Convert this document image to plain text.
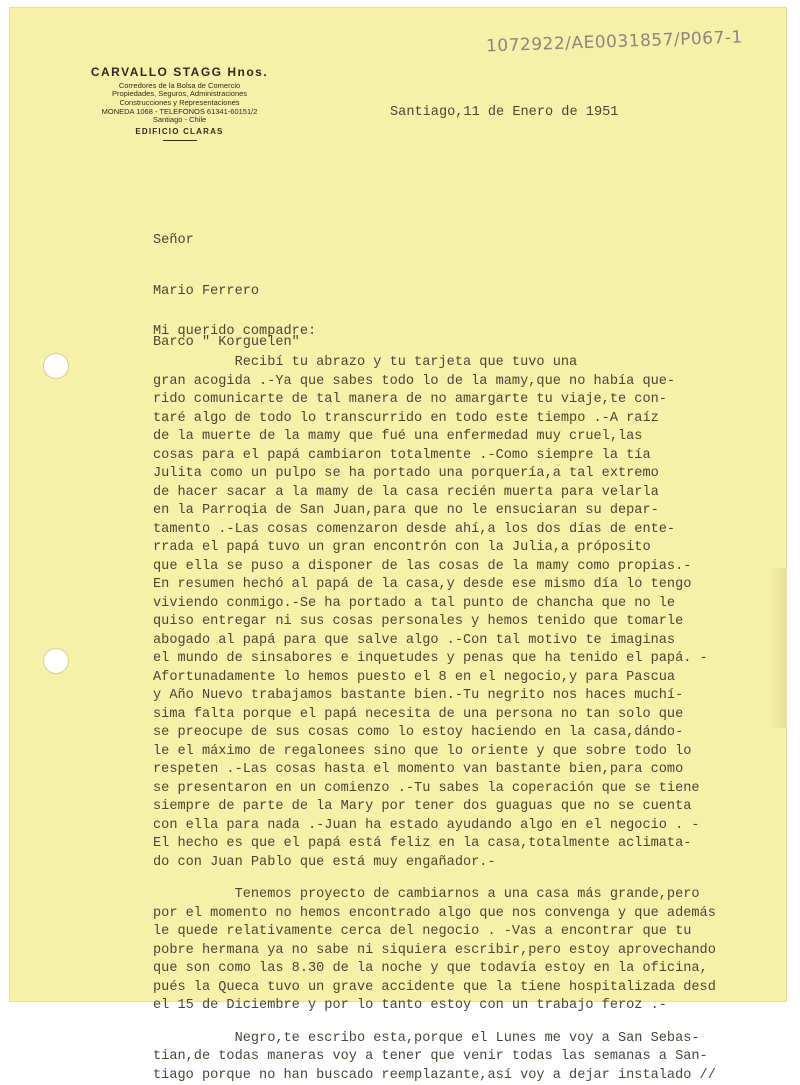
1072922/AE0031857/P067-1
CARVALLO STAGG Hnos.
Corredores de la Bolsa de Comercio
Propiedades, Seguros, Administraciones
Construcciones y Representaciones
MONEDA 1068 - TELEFONOS 61341-60151/2
Santiago - Chile
EDIFICIO CLARAS
Santiago,11 de Enero de 1951

Señor

Mario Ferrero

Barco " Korguelen"

Mi querido compadre:
Recibí tu abrazo y tu tarjeta que tuvo una
gran acogida .-Ya que sabes todo lo de la mamy,que no había que-
rido comunicarte de tal manera de no amargarte tu viaje,te con-
taré algo de todo lo transcurrido en todo este tiempo .-A raíz
de la muerte de la mamy que fué una enfermedad muy cruel,las
cosas para el papá cambiaron totalmente .-Como siempre la tía
Julita como un pulpo se ha portado una porquería,a tal extremo
de hacer sacar a la mamy de la casa recién muerta para velarla
en la Parroqia de San Juan,para que no le ensuciaran su depar-
tamento .-Las cosas comenzaron desde ahí,a los dos días de ente-
rrada el papá tuvo un gran encontrón con la Julia,a próposito
que ella se puso a disponer de las cosas de la mamy como propias.-
En resumen hechó al papá de la casa,y desde ese mismo día lo tengo
viviendo conmigo.-Se ha portado a tal punto de chancha que no le
quiso entregar ni sus cosas personales y hemos tenido que tomarle
abogado al papá para que salve algo .-Con tal motivo te imaginas
el mundo de sinsabores e inquetudes y penas que ha tenido el papá. -
Afortunadamente lo hemos puesto el 8 en el negocio,y para Pascua
y Año Nuevo trabajamos bastante bien.-Tu negrito nos haces muchí-
sima falta porque el papá necesita de una persona no tan solo que
se preocupe de sus cosas como lo estoy haciendo en la casa,dándo-
le el máximo de regalonees sino que lo oriente y que sobre todo lo
respeten .-Las cosas hasta el momento van bastante bien,para como
se presentaron en un comienzo .-Tu sabes la coperación que se tiene
siempre de parte de la Mary por tener dos guaguas que no se cuenta
con ella para nada .-Juan ha estado ayudando algo en el negocio . -
El hecho es que el papá está feliz en la casa,totalmente aclimata-
do con Juan Pablo que está muy engañador.-
Tenemos proyecto de cambiarnos a una casa más grande,pero
por el momento no hemos encontrado algo que nos convenga y que además
le quede relativamente cerca del negocio . -Vas a encontrar que tu
pobre hermana ya no sabe ni siquiera escribir,pero estoy aprovechando
que son como las 8.30 de la noche y que todavía estoy en la oficina,
pués la Queca tuvo un grave accidente que la tiene hospitalizada desd
el 15 de Diciembre y por lo tanto estoy con un trabajo feroz .-
Negro,te escribo esta,porque el Lunes me voy a San Sebas-
tian,de todas maneras voy a tener que venir todas las semanas a San-
tiago porque no han buscado reemplazante,así voy a dejar instalado //
